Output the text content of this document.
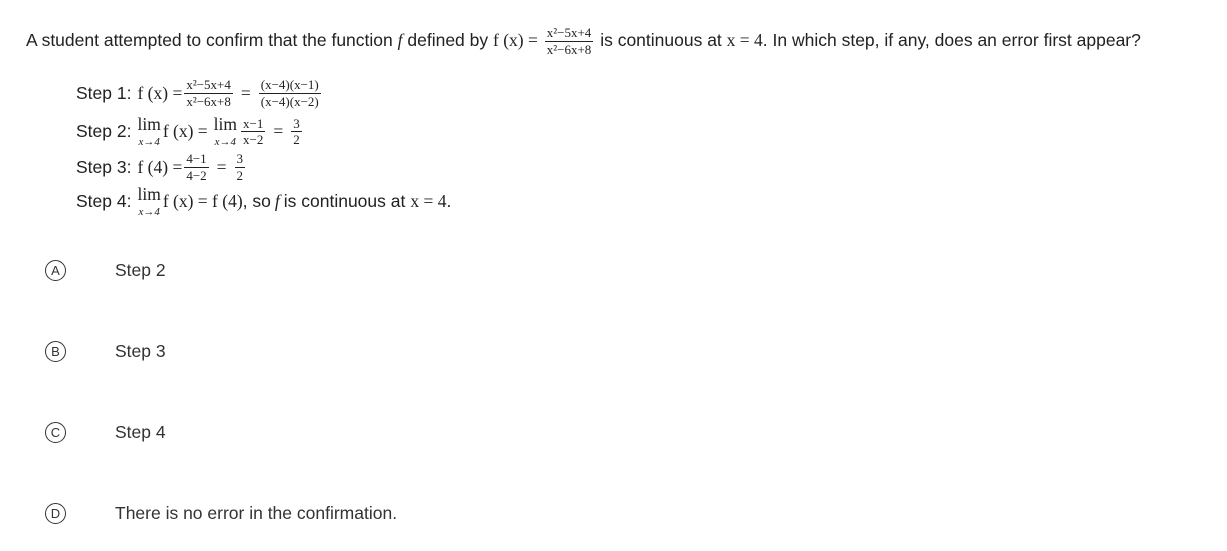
A student attempted to confirm that the function f defined by f $(x) = \frac{\text{x²−5x+4}}{\text{x²−6x+8}}$ is continuous at x = 4. In which step, if any, does an error first appear?
Step 1: f $(x) = \frac{\text{x²−5x+4}}{\text{x²−6x+8}} = \frac{(x-4)(x-1)}{(x-4)(x-2)}$
Step 2: lim
x→4
f (x) = lim
$x\to 4 \frac{x-1}{x-2} = \frac{3}{2}$
Step 3: f $(4) = \frac{4-1}{4-2} = \frac{3}{2}$
Step 4: lim
x→4
f (x) = f (4) , so f is continuous at x = 4 .
A	Step 2
B	Step 3
C	Step 4
D	There is no error in the confirmation.
